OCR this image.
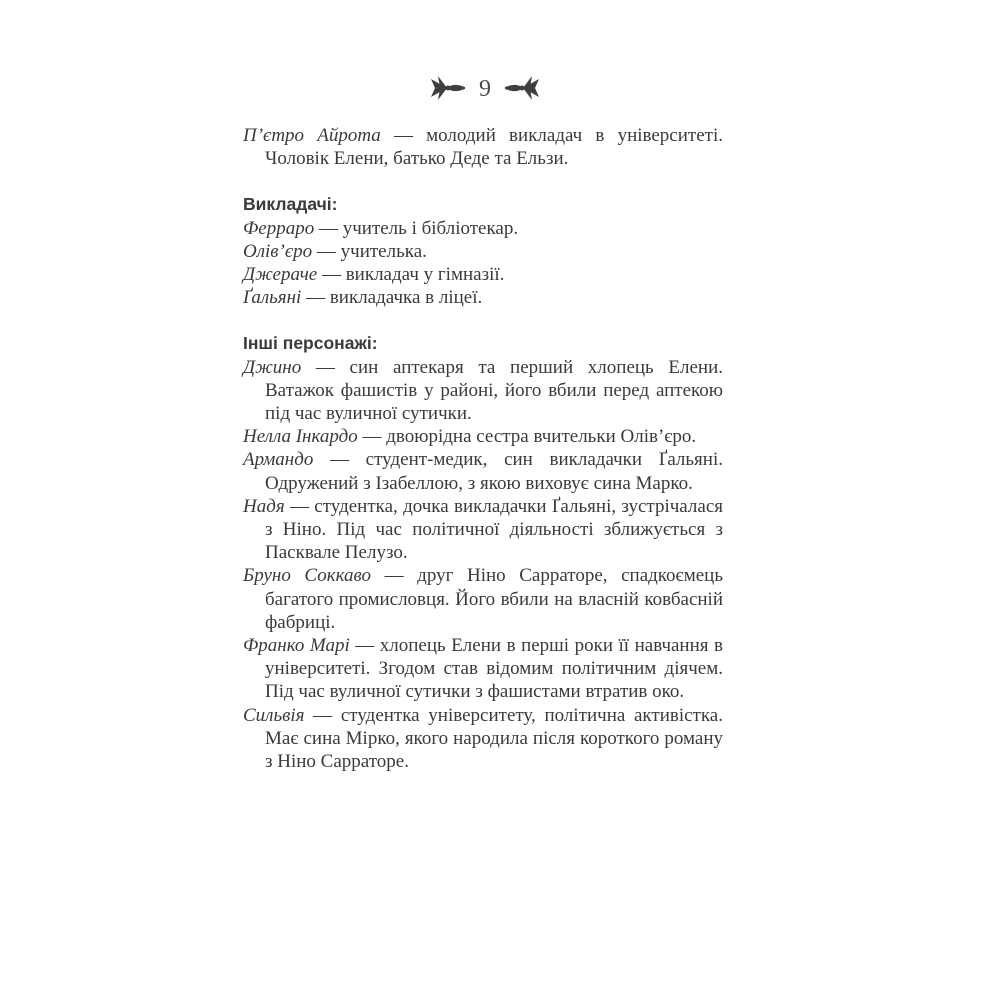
9

П’єтро Айрота — молодий викладач в університеті. Чоловік Елени, батько Деде та Ельзи.

Викладачі:

Феррaро — учитель і бібліотекар.

Олів’єро — учителька.

Джераче — викладач у гімназії.

Ґальяні — викладачка в ліцеї.

Інші персонажі:

Джино — син аптекаря та перший хлопець Елени. Ватажок фашистів у районі, його вбили перед аптекою під час вуличної сутички.

Нелла Інкардо — двоюрідна сестра вчительки Олів’єро.

Армандо — студент-медик, син викладачки Ґальяні. Одружений з Ізабеллою, з якою виховує сина Марко.

Надя — студентка, дочка викладачки Ґальяні, зустрічалася з Ніно. Під час політичної діяльності зближується з Пасквале Пелузо.

Бруно Соккаво — друг Ніно Сарраторе, спадкоємець багатого промисловця. Його вбили на власній ковбасній фабриці.

Франко Марі — хлопець Елени в перші роки її навчання в університеті. Згодом став відомим політичним діячем. Під час вуличної сутички з фашистами втратив око.

Сильвія — студентка університету, політична активістка. Має сина Мірко, якого народила після короткого роману з Ніно Сарраторе.
